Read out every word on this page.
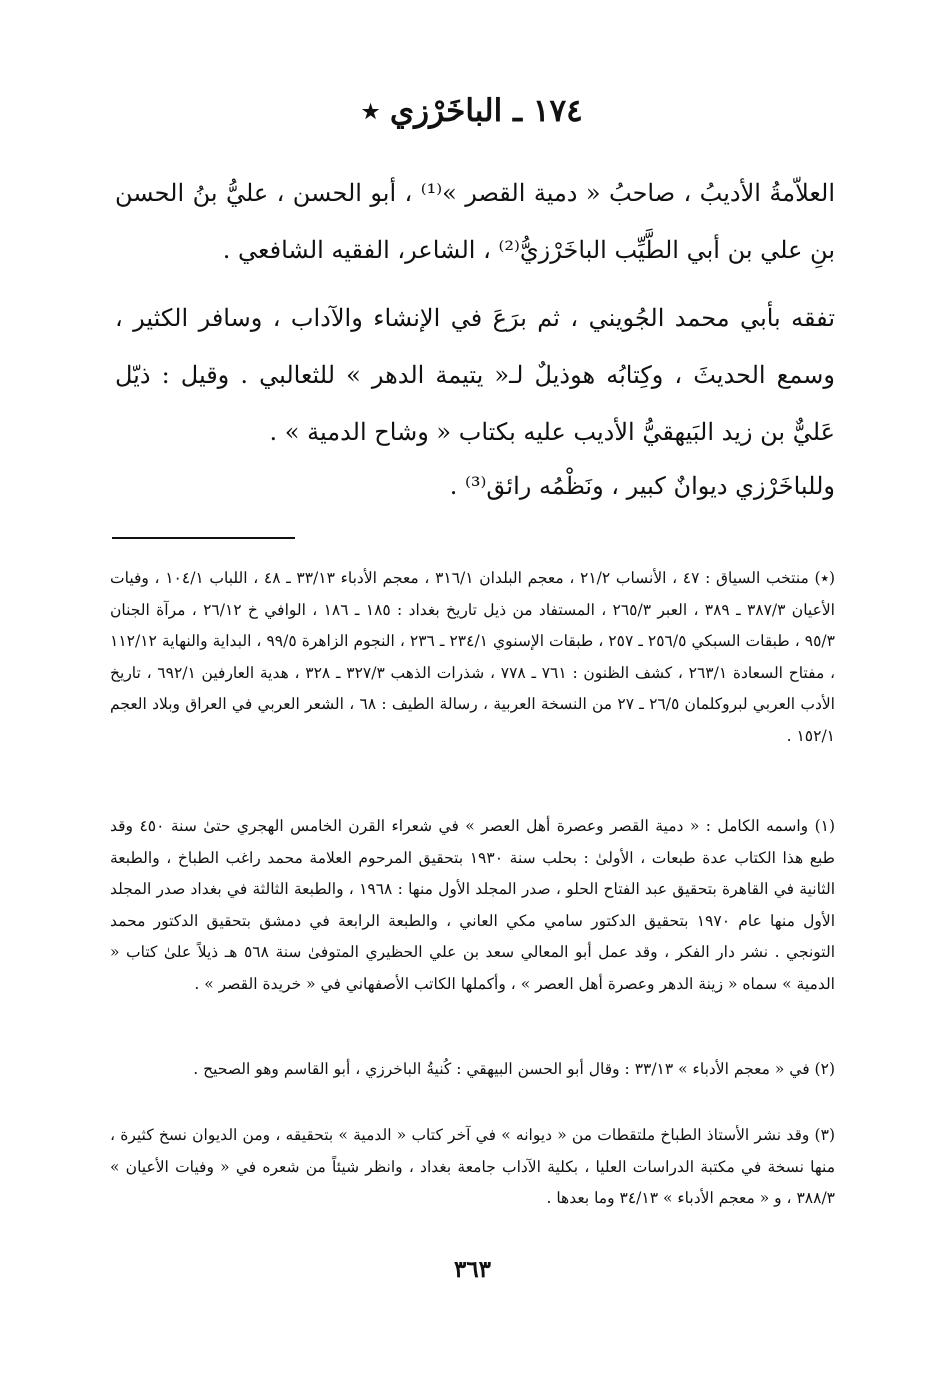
١٧٤ ـ الباخَرْزي ٭

العلاّمةُ الأديبُ ، صاحبُ « دمية القصر »⁽¹⁾ ، أبو الحسن ، عليُّ بنُ الحسن بنِ علي بن أبي الطَّيِّب الباخَرْزيُّ⁽²⁾ ، الشاعر، الفقيه الشافعي .

تفقه بأبي محمد الجُويني ، ثم برَعَ في الإنشاء والآداب ، وسافر الكثير ، وسمع الحديثَ ، وكِتابُه هوذيلٌ لـ« يتيمة الدهر » للثعالبي . وقيل : ذيّل عَليٌّ بن زيد البَيهقيُّ الأديب عليه بكتاب « وشاح الدمية » .

وللباخَرْزي ديوانٌ كبير ، ونَظْمُه رائق⁽³⁾ .

(٭) منتخب السياق : ٤٧ ، الأنساب ٢١/٢ ، معجم البلدان ٣١٦/١ ، معجم الأدباء ٣٣/١٣ ـ ٤٨ ، اللباب ١٠٤/١ ، وفيات الأعيان ٣٨٧/٣ ـ ٣٨٩ ، العبر ٢٦٥/٣ ، المستفاد من ذيل تاريخ بغداد : ١٨٥ ـ ١٨٦ ، الوافي خ ٢٦/١٢ ، مرآة الجنان ٩٥/٣ ، طبقات السبكي ٢٥٦/٥ ـ ٢٥٧ ، طبقات الإسنوي ٢٣٤/١ ـ ٢٣٦ ، النجوم الزاهرة ٩٩/٥ ، البداية والنهاية ١١٢/١٢ ، مفتاح السعادة ٢٦٣/١ ، كشف الظنون : ٧٦١ ـ ٧٧٨ ، شذرات الذهب ٣٢٧/٣ ـ ٣٢٨ ، هدية العارفين ٦٩٢/١ ، تاريخ الأدب العربي لبروكلمان ٢٦/٥ ـ ٢٧ من النسخة العربية ، رسالة الطيف : ٦٨ ، الشعر العربي في العراق وبلاد العجم ١٥٢/١ .

(١) واسمه الكامل : « دمية القصر وعصرة أهل العصر » في شعراء القرن الخامس الهجري حتىٰ سنة ٤٥٠ وقد طبع هذا الكتاب عدة طبعات ، الأولىٰ : بحلب سنة ١٩٣٠ بتحقيق المرحوم العلامة محمد راغب الطباخ ، والطبعة الثانية في القاهرة بتحقيق عبد الفتاح الحلو ، صدر المجلد الأول منها : ١٩٦٨ ، والطبعة الثالثة في بغداد صدر المجلد الأول منها عام ١٩٧٠ بتحقيق الدكتور سامي مكي العاني ، والطبعة الرابعة في دمشق بتحقيق الدكتور محمد التونجي . نشر دار الفكر ، وقد عمل أبو المعالي سعد بن علي الحظيري المتوفىٰ سنة ٥٦٨ هـ ذيلاً علىٰ كتاب « الدمية » سماه « زينة الدهر وعصرة أهل العصر » ، وأكملها الكاتب الأصفهاني في « خريدة القصر » .

(٢) في « معجم الأدباء » ٣٣/١٣ : وقال أبو الحسن البيهقي : كُنيةُ الباخرزي ، أبو القاسم وهو الصحيح .

(٣) وقد نشر الأستاذ الطباخ ملتقطات من « ديوانه » في آخر كتاب « الدمية » بتحقيقه ، ومن الديوان نسخ كثيرة ، منها نسخة في مكتبة الدراسات العليا ، بكلية الآداب جامعة بغداد ، وانظر شيئاً من شعره في « وفيات الأعيان » ٣٨٨/٣ ، و « معجم الأدباء » ٣٤/١٣ وما بعدها .

٣٦٣
